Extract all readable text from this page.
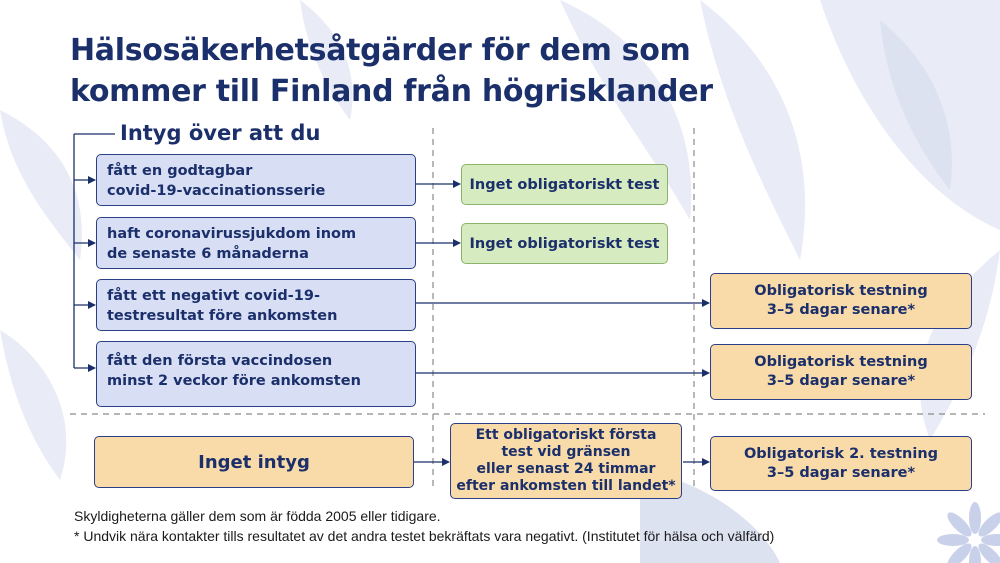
Hälsosäkerhetsåtgärder för dem som
kommer till Finland från högrisklander
Intyg över att du
fått en godtagbar
covid-19-vaccinationsserie
haft coronavirussjukdom inom
de senaste 6 månaderna
fått ett negativt covid-19-
testresultat före ankomsten
fått den första vaccindosen
minst 2 veckor före ankomsten
Inget obligatoriskt test
Inget obligatoriskt test
Obligatorisk testning
3–5 dagar senare*
Obligatorisk testning
3–5 dagar senare*
Inget intyg
Ett obligatoriskt första
test vid gränsen
eller senast 24 timmar
efter ankomsten till landet*
Obligatorisk 2. testning
3–5 dagar senare*
Skyldigheterna gäller dem som är födda 2005 eller tidigare.
* Undvik nära kontakter tills resultatet av det andra testet bekräftats vara negativt. (Institutet för hälsa och välfärd)
